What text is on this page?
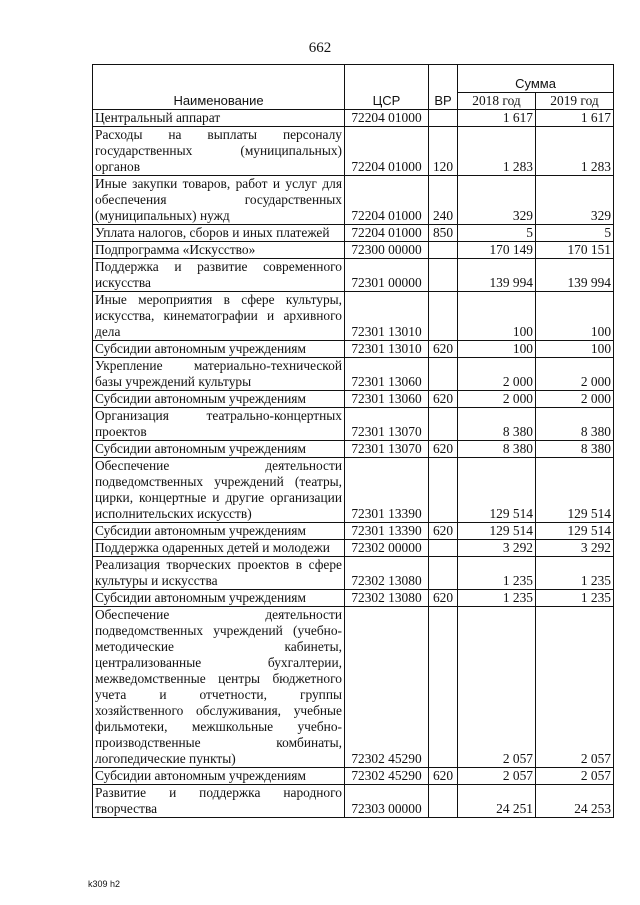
662
Наименование	ЦСР	ВР	Сумма	
			2018 год	2019 год
Центральный аппарат	72204 01000		1 617	1 617
Расходы на выплаты персоналу государственных (муниципальных) органов	72204 01000	120	1 283	1 283
Иные закупки товаров, работ и услуг для обеспечения государственных (муниципальных) нужд	72204 01000	240	329	329
Уплата налогов, сборов и иных платежей	72204 01000	850	5	5
Подпрограмма «Искусство»	72300 00000		170 149	170 151
Поддержка и развитие современного искусства	72301 00000		139 994	139 994
Иные мероприятия в сфере культуры, искусства, кинематографии и архивного дела	72301 13010		100	100
Субсидии автономным учреждениям	72301 13010	620	100	100
Укрепление материально-технической базы учреждений культуры	72301 13060		2 000	2 000
Субсидии автономным учреждениям	72301 13060	620	2 000	2 000
Организация театрально-концертных проектов	72301 13070		8 380	8 380
Субсидии автономным учреждениям	72301 13070	620	8 380	8 380
Обеспечение деятельности подведомственных учреждений (театры, цирки, концертные и другие организации исполнительских искусств)	72301 13390		129 514	129 514
Субсидии автономным учреждениям	72301 13390	620	129 514	129 514
Поддержка одаренных детей и молодежи	72302 00000		3 292	3 292
Реализация творческих проектов в сфере культуры и искусства	72302 13080		1 235	1 235
Субсидии автономным учреждениям	72302 13080	620	1 235	1 235
Обеспечение деятельности подведомственных учреждений (учебно-методические кабинеты, централизованные бухгалтерии, межведомственные центры бюджетного учета и отчетности, группы хозяйственного обслуживания, учебные фильмотеки, межшкольные учебно-производственные комбинаты, логопедические пункты)	72302 45290		2 057	2 057
Субсидии автономным учреждениям	72302 45290	620	2 057	2 057
Развитие и поддержка народного творчества	72303 00000		24 251	24 253
k309 h2
